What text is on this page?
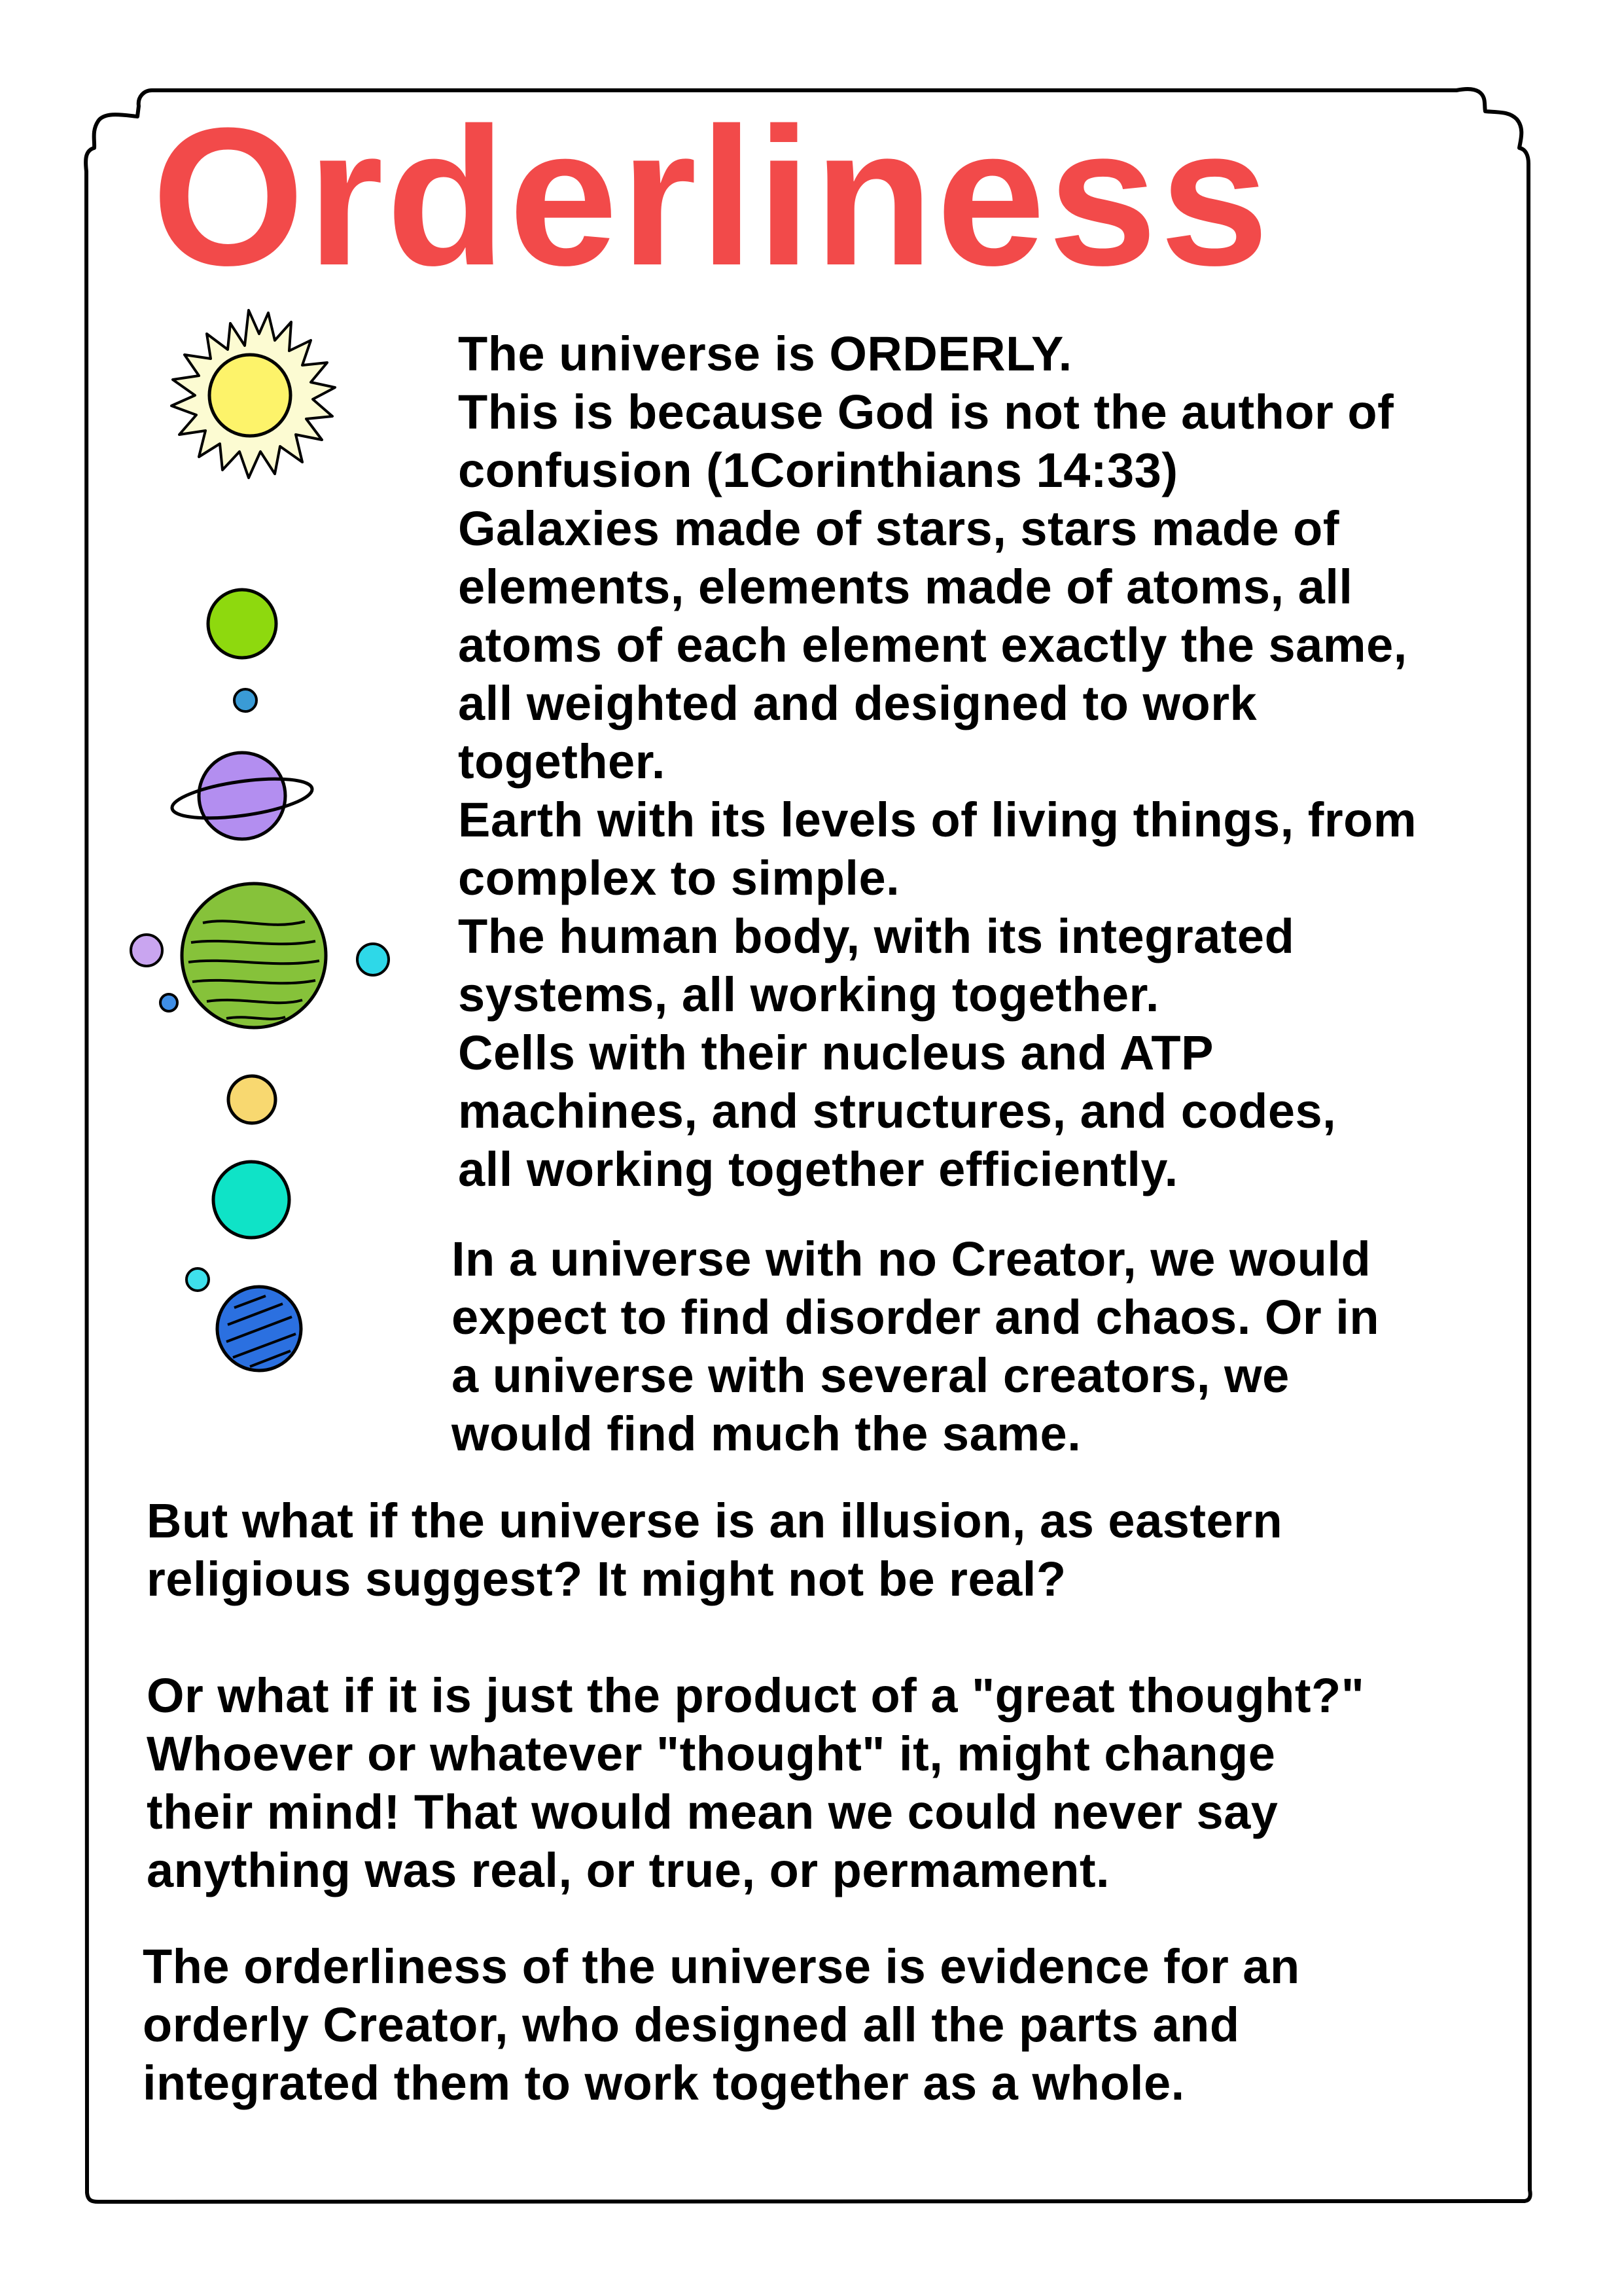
Orderliness
The universe is ORDERLY.
This is because God is not the author of
confusion (1Corinthians 14:33)
Galaxies made of stars, stars made of
elements, elements made of atoms, all
atoms of each element exactly the same,
all weighted and designed to work
together.
Earth with its levels of living things, from
complex to simple.
The human body, with its integrated
systems, all working together.
Cells with their nucleus and ATP
machines, and structures, and codes,
all working together efficiently.
In a universe with no Creator, we would
expect to find disorder and chaos. Or in
a universe with several creators, we
would find much the same.
But what if the universe is an illusion, as eastern
religious suggest? It might not be real?
Or what if it is just the product of a "great thought?"
Whoever or whatever "thought" it, might change
their mind! That would mean we could never say
anything was real, or true, or permament.
The orderliness of the universe is evidence for an
orderly Creator, who designed all the parts and
integrated them to work together as a whole.
